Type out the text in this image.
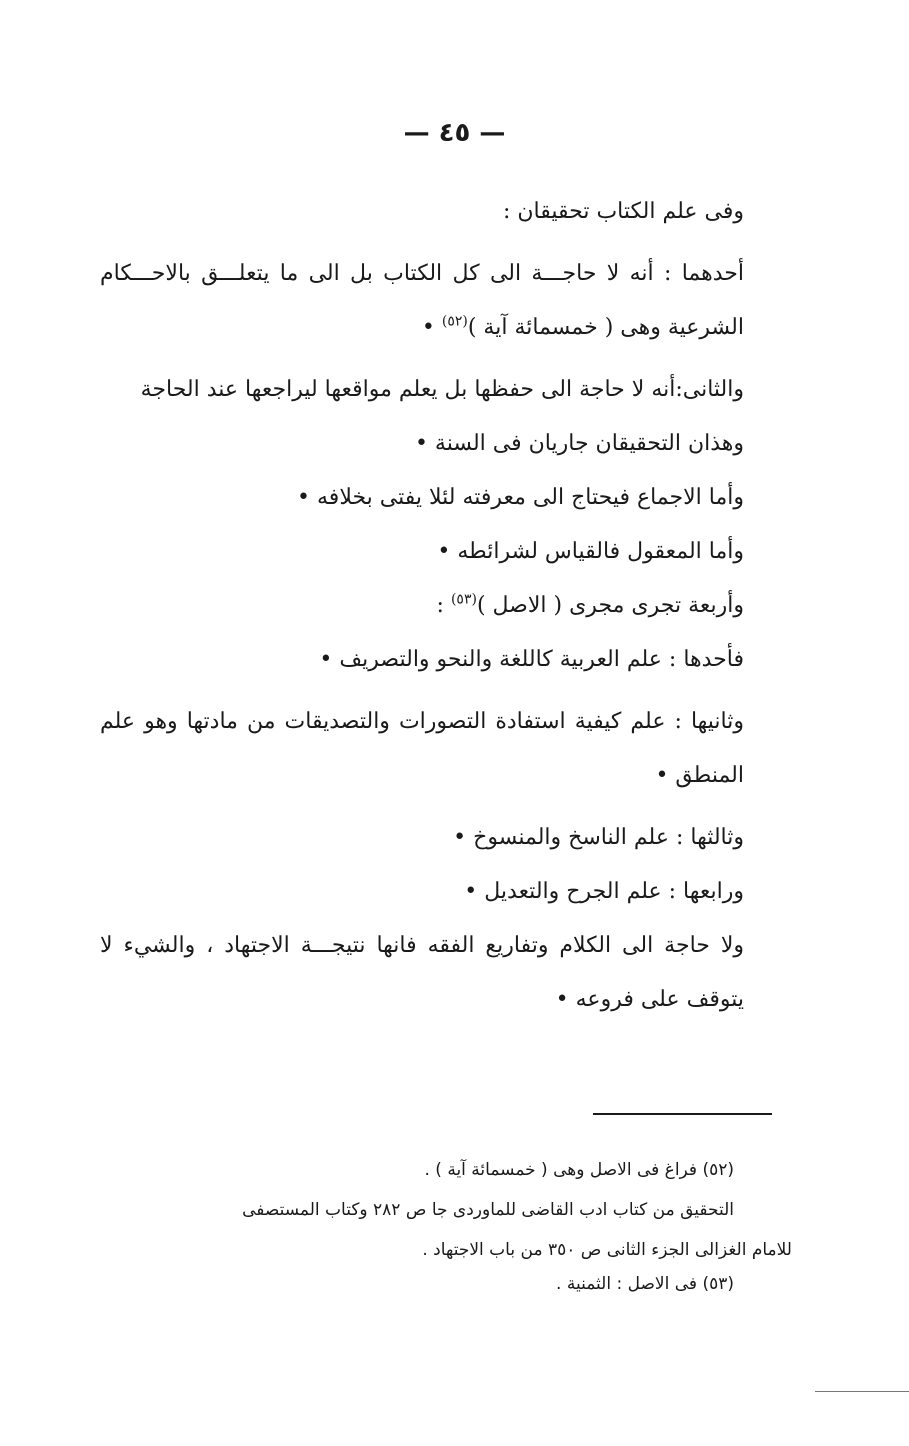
— ٤٥ —

وفى علم الكتاب تحقيقان :

أحدهما : أنه لا حاجـــة الى كل الكتاب بل الى ما يتعلـــق بالاحـــكام الشرعية وهى ( خمسمائة آية )$^{(٥٢)}$ •

والثانى:أنه لا حاجة الى حفظها بل يعلم مواقعها ليراجعها عند الحاجة

وهذان التحقيقان جاريان فى السنة •

وأما الاجماع فيحتاج الى معرفته لئلا يفتى بخلافه •

وأما المعقول فالقياس لشرائطه •

وأربعة تجرى مجرى ( الاصل )$^{(٥٣)}$ :

فأحدها : علم العربية كاللغة والنحو والتصريف •

وثانيها : علم كيفية استفادة التصورات والتصديقات من مادتها وهو علم المنطق •

وثالثها : علم الناسخ والمنسوخ •

ورابعها : علم الجرح والتعديل •

ولا حاجة الى الكلام وتفاريع الفقه فانها نتيجـــة الاجتهاد ، والشيء لا يتوقف على فروعه •

(٥٢) فراغ فى الاصل وهى ( خمسمائة آية ) .

التحقيق من كتاب ادب القاضى للماوردى جا ص ٢٨٢ وكتاب المستصفى

للامام الغزالى الجزء الثانى ص ٣٥٠ من باب الاجتهاد .

(٥٣) فى الاصل : الثمنية .
